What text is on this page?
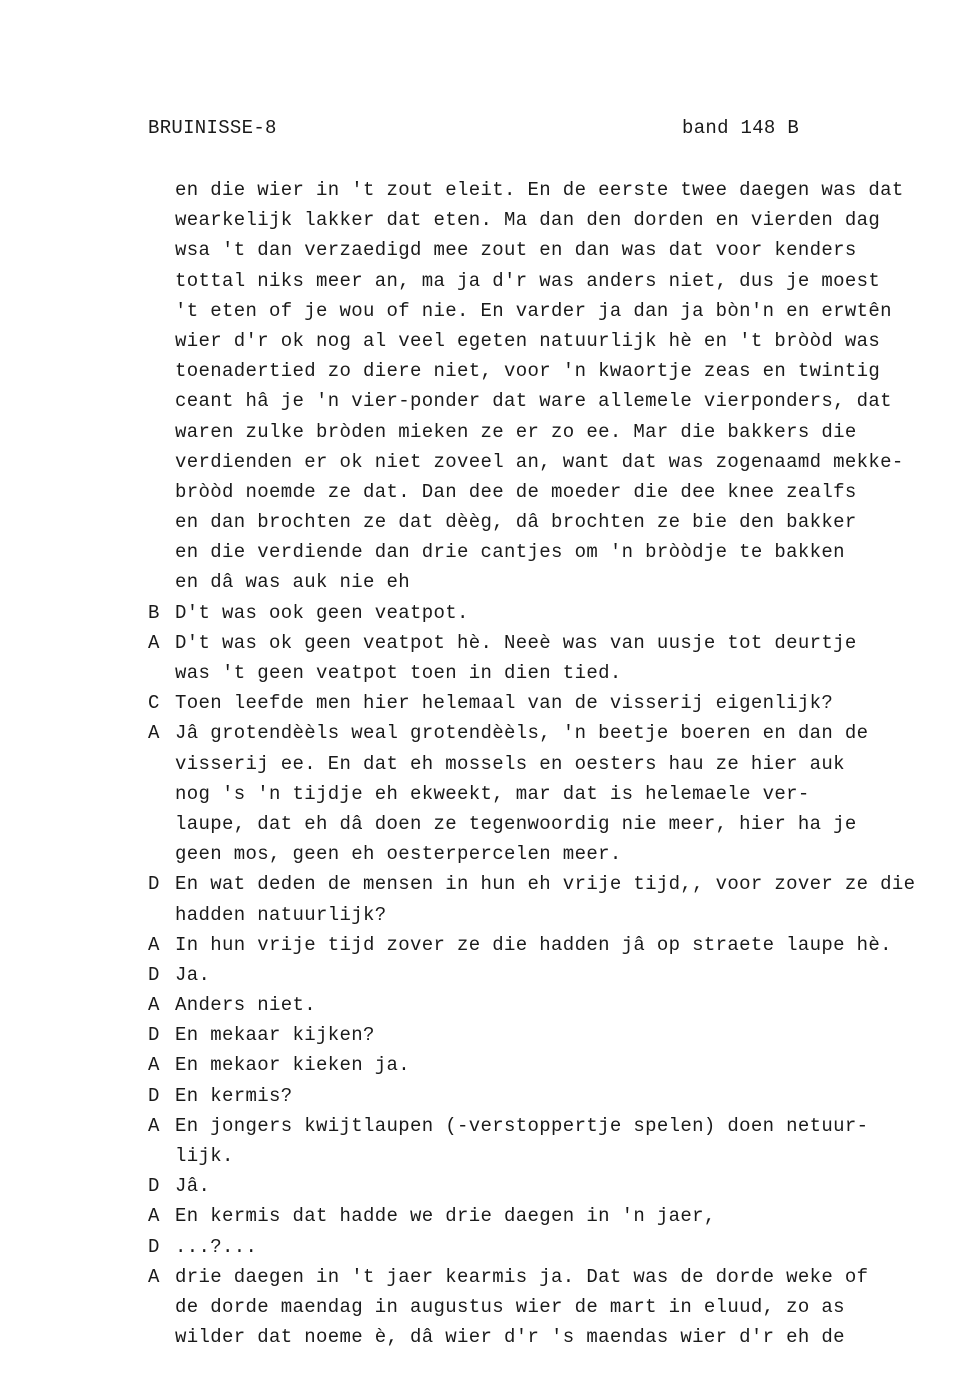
BRUINISSE-8	band 148 B
en die wier in 't zout eleit. En de eerste twee daegen was dat
wearkelijk lakker dat eten. Ma dan den dorden en vierden dag
wsa 't dan verzaedigd mee zout en dan was dat voor kenders
tottal niks meer an, ma ja d'r was anders niet, dus je moest
't eten of je wou of nie. En varder ja dan ja bòn'n en erwtên
wier d'r ok nog al veel egeten natuurlijk hè en 't bròòd was
toenadertied zo diere niet, voor 'n kwaortje zeas en twintig
ceant hâ je 'n vier-ponder dat ware allemele vierponders, dat
waren zulke bròden mieken ze er zo ee. Mar die bakkers die
verdienden er ok niet zoveel an, want dat was zogenaamd mekke-
bròòd noemde ze dat. Dan dee de moeder die dee knee zealfs
en dan brochten ze dat dèèg, dâ brochten ze bie den bakker
en die verdiende dan drie cantjes om 'n bròòdje te bakken
en dâ was auk nie eh
B D't was ook geen veatpot.
A D't was ok geen veatpot hè. Neeè was van uusje tot deurtje
was 't geen veatpot toen in dien tied.
C Toen leefde men hier helemaal van de visserij eigenlijk?
A Jâ grotendèèls weal grotendèèls, 'n beetje boeren en dan de
visserij ee. En dat eh mossels en oesters hau ze hier auk
nog 's 'n tijdje eh ekweekt, mar dat is helemaele ver-
laupe, dat eh dâ doen ze tegenwoordig nie meer, hier ha je
geen mos, geen eh oesterpercelen meer.
D En wat deden de mensen in hun eh vrije tijd,, voor zover ze die
hadden natuurlijk?
A In hun vrije tijd zover ze die hadden jâ op straete laupe hè.
D Ja.
A Anders niet.
D En mekaar kijken?
A En mekaor kieken ja.
D En kermis?
A En jongers kwijtlaupen (-verstoppertje spelen) doen netuur-
lijk.
D Jâ.
A En kermis dat hadde we drie daegen in 'n jaer,
D ...?...
A drie daegen in 't jaer kearmis ja. Dat was de dorde weke of
de dorde maendag in augustus wier de mart in eluud, zo as
wilder dat noeme è, dâ wier d'r 's maendas wier d'r eh de
